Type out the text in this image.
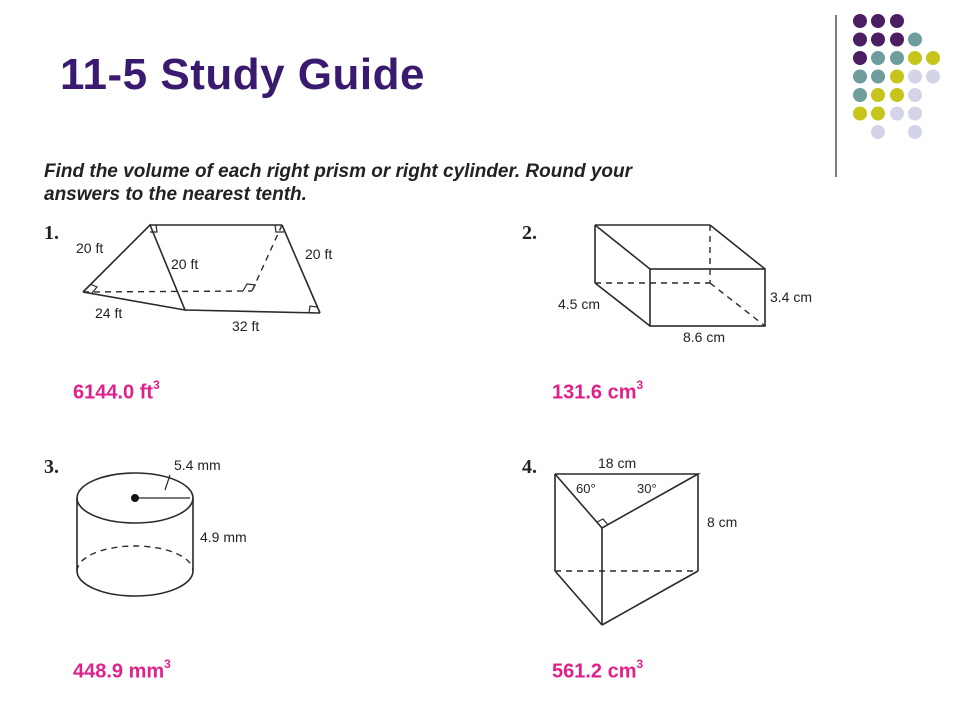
11-5 Study Guide
Find the volume of each right prism or right cylinder. Round your answers to the nearest tenth.
1.	2.
3.	4.
20 ft
20 ft
20 ft
24 ft
32 ft
4.5 cm	3.4 cm
8.6 cm
5.4 mm
4.9 mm
18 cm
60°	30°
8 cm
6144.0 $ft^3$	131.6 $cm^3$
448.9 $mm^3$	561.2 $cm^3$
